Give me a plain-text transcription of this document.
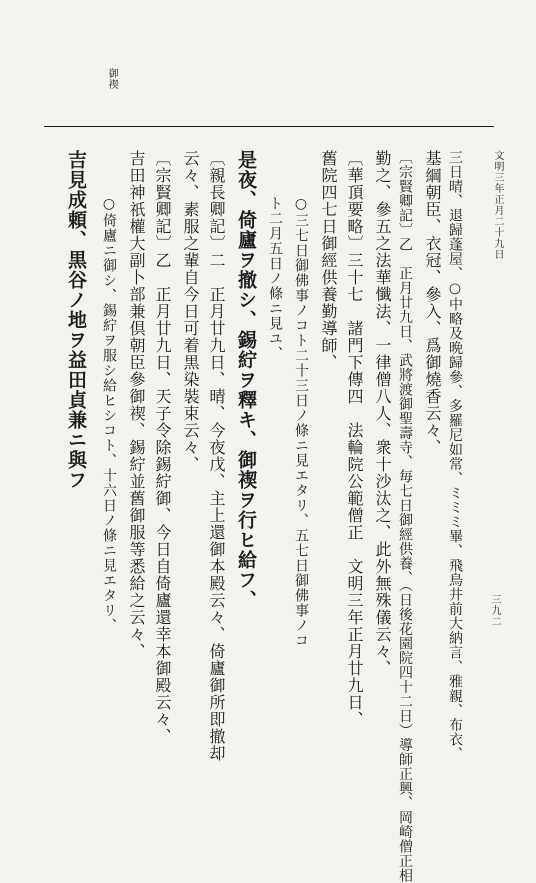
文明三年正月二十九日
三九二
御禊
三日晴、退歸蓬屋、○中略及晩歸參、多羅尼如常、ミミミ畢、飛鳥井前大納言、雅親、布衣、
基綱朝臣、衣冠、參入、爲御燒香云々、
〔宗賢卿記〕乙　正月廿九日、武將渡御聖壽寺、毎七日御經供養、（日後花園院四十二日）導師正興、岡崎僧正相
勤之、參五之法華懺法、一律僧八人、衆十沙汰之、此外無殊儀云々、
〔華頂要略〕三十七　諸門下傳四　法輪院公範僧正　文明三年正月廿九日、
舊院四七日御經供養勤導師、
○三七日御佛事ノコト二十三日ノ條ニ見エタリ、五七日御佛事ノコ
ト二月五日ノ條ニ見ユ、
是夜、倚廬ヲ撤シ、錫紵ヲ釋キ、御禊ヲ行ヒ給フ、
〔親長卿記〕二　正月廿九日、晴、今夜戊、主上還御本殿云々、倚廬御所即撤却
云々、素服之輩自今日可着黒染裝束云々、
〔宗賢卿記〕乙　正月廿九日、天子令除錫紵御、今日自倚廬還幸本御殿云々、
吉田神祇權大副卜部兼倶朝臣參御禊、錫紵並舊御服等悉給之云々、
○倚廬ニ御シ、錫紵ヲ服シ給ヒシコト、十六日ノ條ニ見エタリ、
吉見成頼、黒谷ノ地ヲ益田貞兼ニ與フ
